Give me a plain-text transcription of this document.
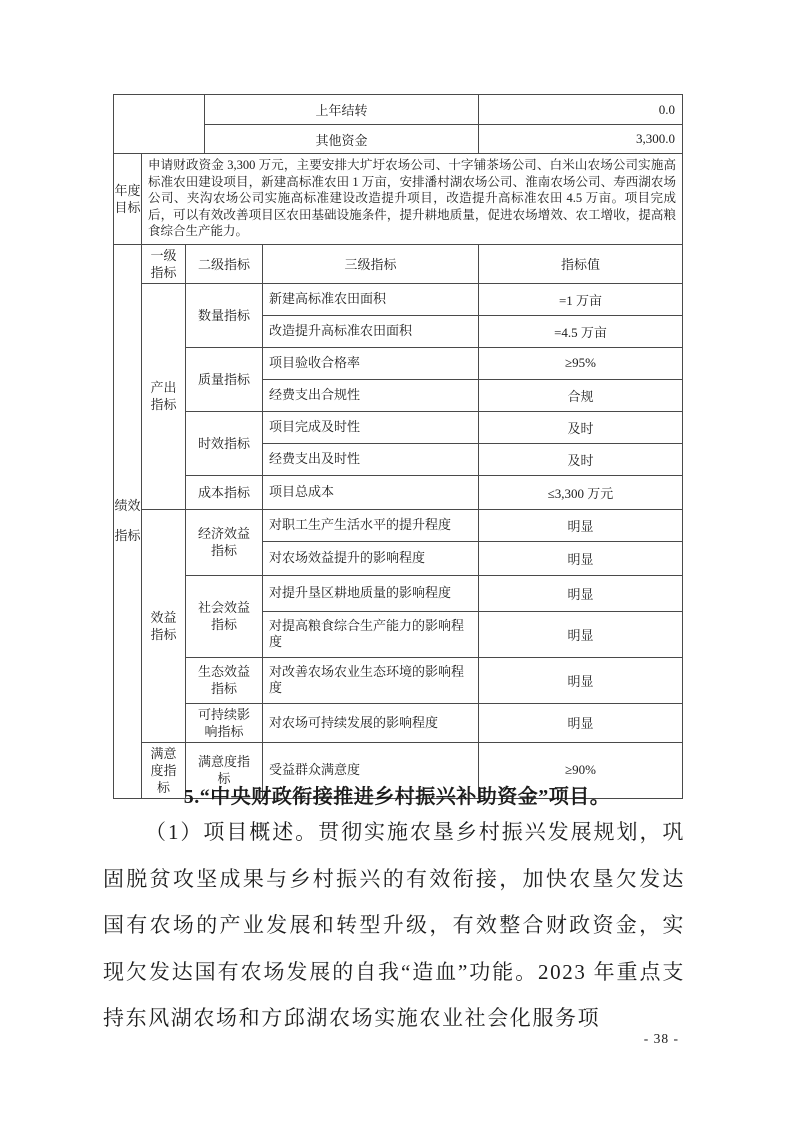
		上年结转	0.0
		其他资金	3,300.0
年度目标	申请财政资金 3,300 万元，主要安排大圹圩农场公司、十字铺茶场公司、白米山农场公司实施高标准农田建设项目，新建高标准农田 1 万亩，安排潘村湖农场公司、淮南农场公司、寿西湖农场公司、夹沟农场公司实施高标准建设改造提升项目，改造提升高标准农田 4.5 万亩。项目完成后，可以有效改善项目区农田基础设施条件，提升耕地质量，促进农场增效、农工增收，提高粮食综合生产能力。		
绩效指标	一级指标	二级指标	三级指标	指标值
	产出指标	数量指标	新建高标准农田面积	=1 万亩
			改造提升高标准农田面积	=4.5 万亩
		质量指标	项目验收合格率	≥95%
			经费支出合规性	合规
		时效指标	项目完成及时性	及时
			经费支出及时性	及时
		成本指标	项目总成本	≤3,300 万元
	效益指标	经济效益指标	对职工生产生活水平的提升程度	明显
			对农场效益提升的影响程度	明显
		社会效益指标	对提升垦区耕地质量的影响程度	明显
			对提高粮食综合生产能力的影响程度	明显
		生态效益指标	对改善农场农业生态环境的影响程度	明显
		可持续影响指标	对农场可持续发展的影响程度	明显
	满意度指标	满意度指标	受益群众满意度	≥90%
5.“中央财政衔接推进乡村振兴补助资金”项目。
（1）项目概述。贯彻实施农垦乡村振兴发展规划，巩固脱贫攻坚成果与乡村振兴的有效衔接，加快农垦欠发达国有农场的产业发展和转型升级，有效整合财政资金，实现欠发达国有农场发展的自我“造血”功能。2023 年重点支持东风湖农场和方邱湖农场实施农业社会化服务项
- 38 -
